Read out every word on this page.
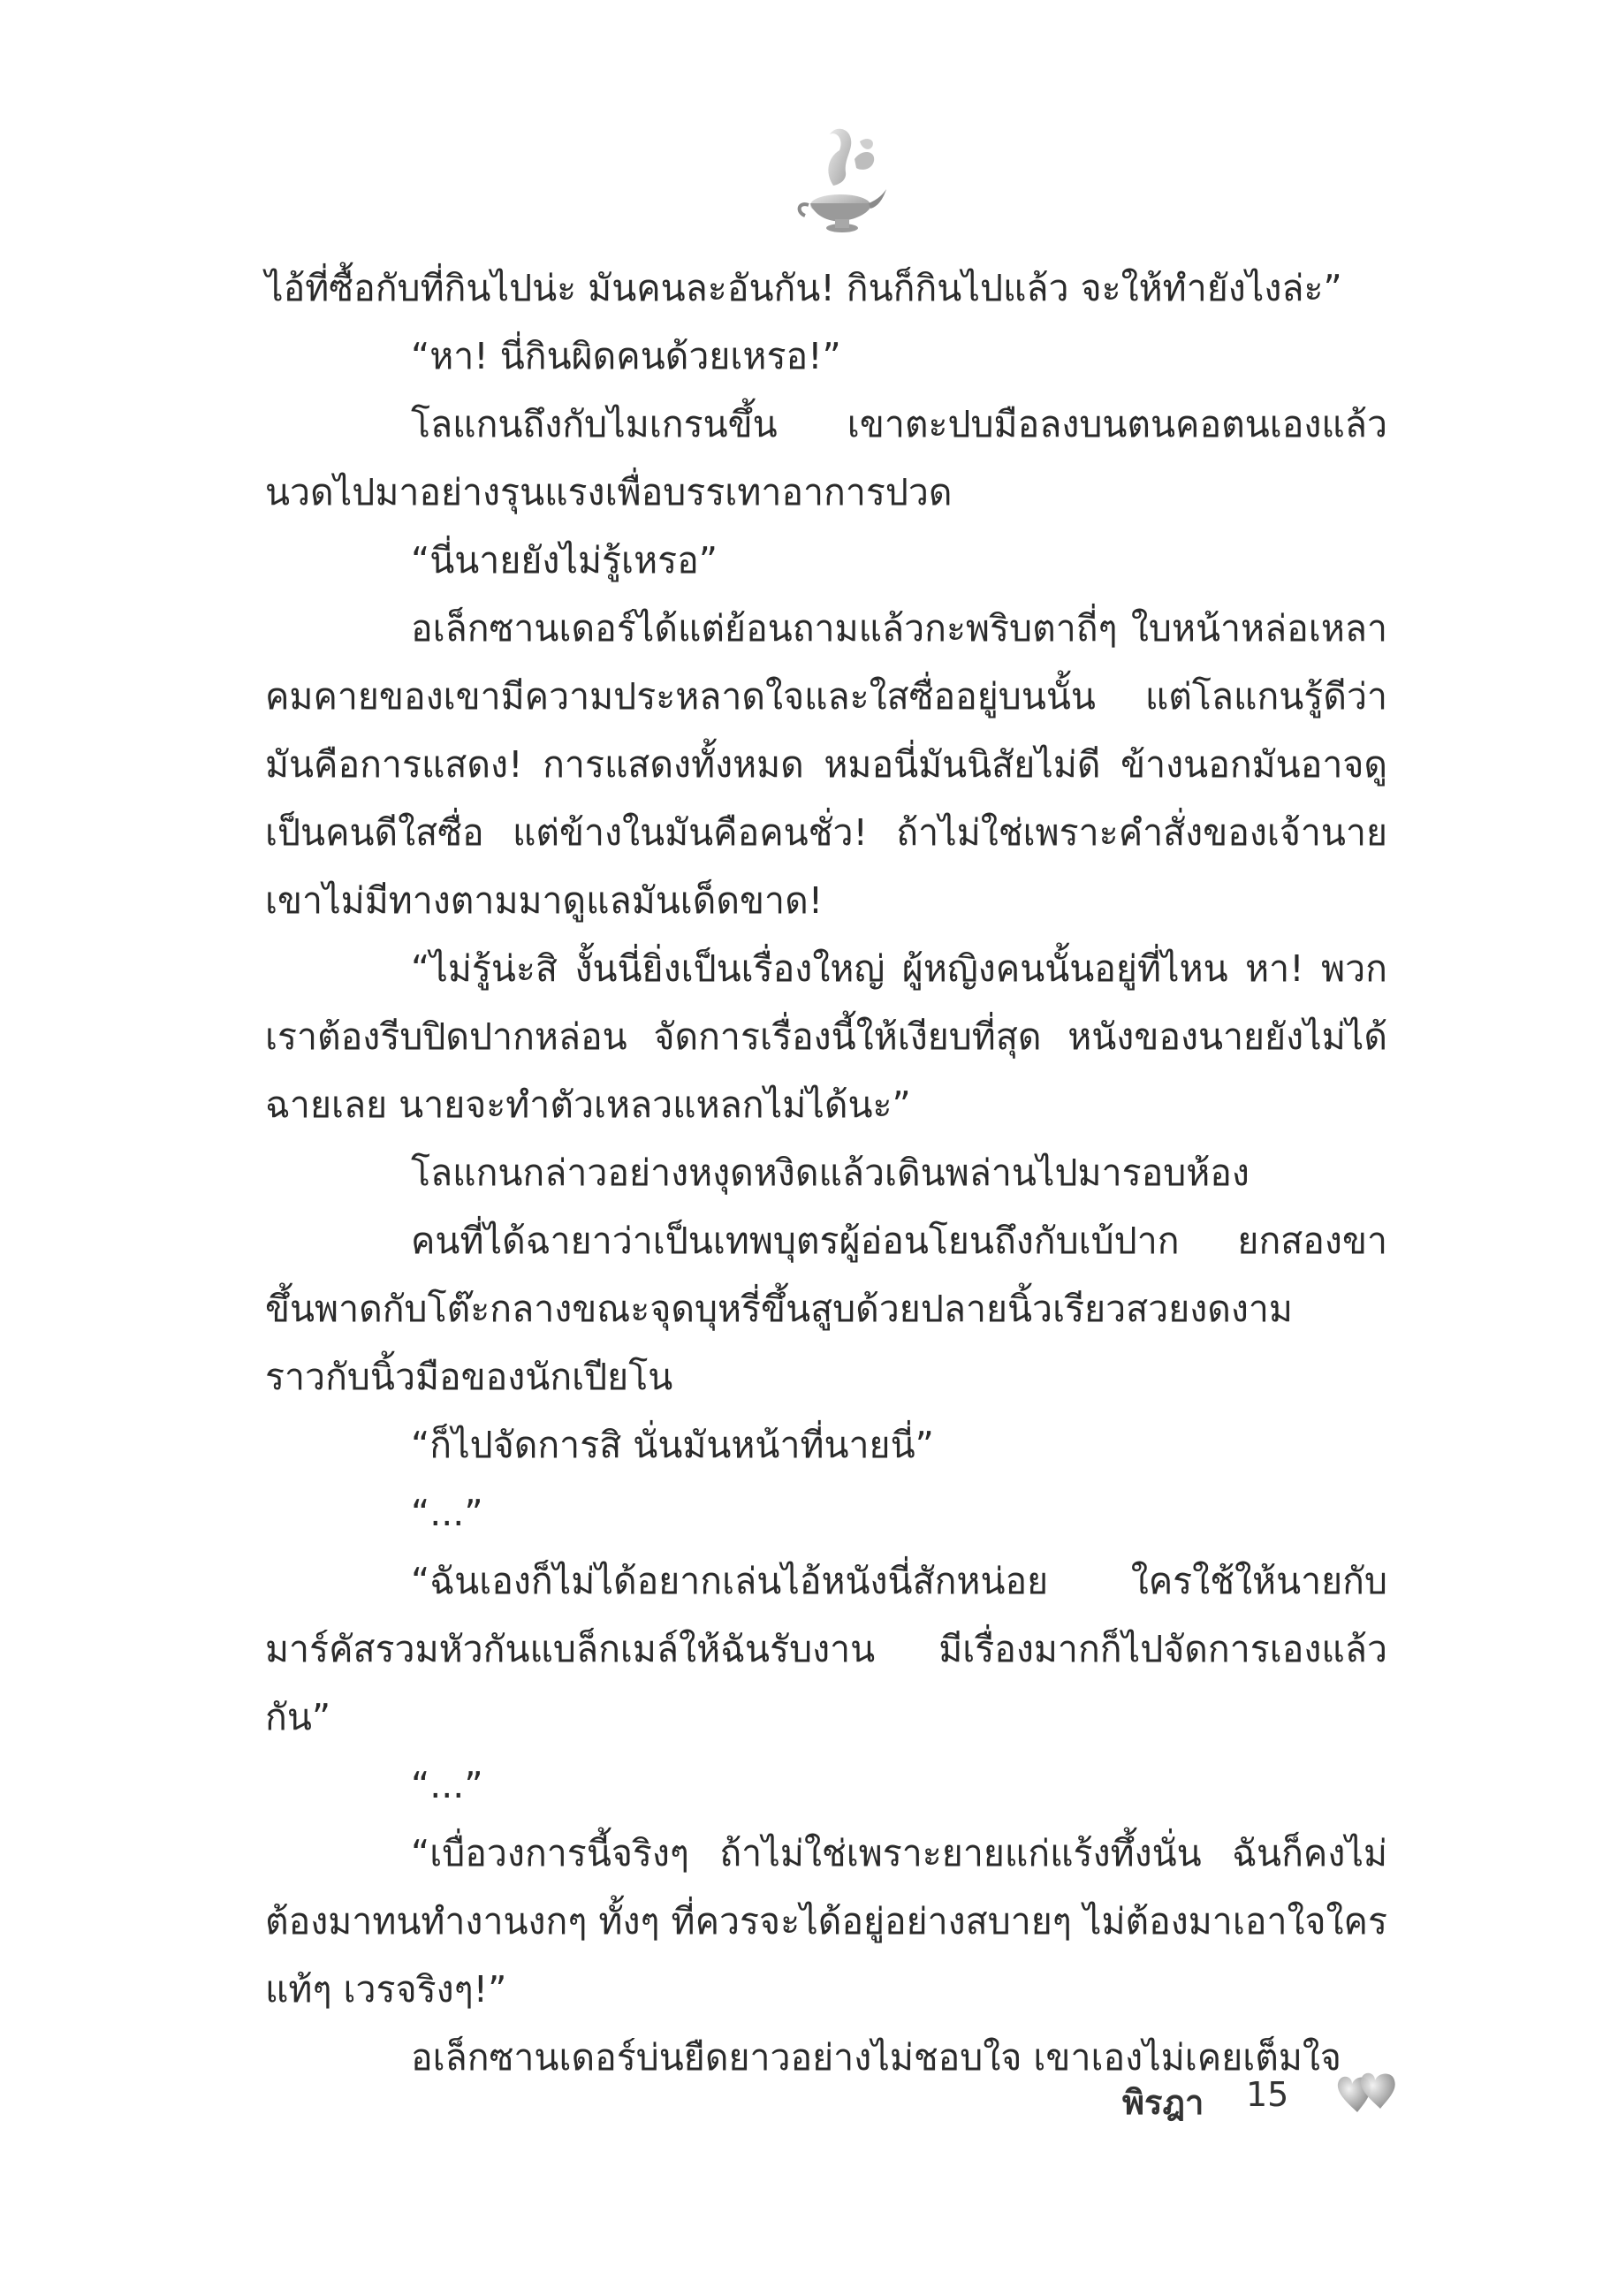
ไอ้ที่ซื้อกับที่กินไปน่ะ มันคนละอันกัน! กินก็กินไปแล้ว จะให้ทำยังไงล่ะ”

“หา! นี่กินผิดคนด้วยเหรอ!”

โลแกนถึงกับไมเกรนขึ้น เขาตะปบมือลงบนตนคอตนเองแล้วนวดไปมาอย่างรุนแรงเพื่อบรรเทาอาการปวด

“นี่นายยังไม่รู้เหรอ”

อเล็กซานเดอร์ได้แต่ย้อนถามแล้วกะพริบตาถี่ๆ ใบหน้าหล่อเหลาคมคายของเขามีความประหลาดใจและใสซื่ออยู่บนนั้น แต่โลแกนรู้ดีว่ามันคือการแสดง! การแสดงทั้งหมด หมอนี่มันนิสัยไม่ดี ข้างนอกมันอาจดูเป็นคนดีใสซื่อ แต่ข้างในมันคือคนชั่ว! ถ้าไม่ใช่เพราะคำสั่งของเจ้านายเขาไม่มีทางตามมาดูแลมันเด็ดขาด!

“ไม่รู้น่ะสิ งั้นนี่ยิ่งเป็นเรื่องใหญ่ ผู้หญิงคนนั้นอยู่ที่ไหน หา! พวกเราต้องรีบปิดปากหล่อน จัดการเรื่องนี้ให้เงียบที่สุด หนังของนายยังไม่ได้ฉายเลย นายจะทำตัวเหลวแหลกไม่ได้นะ”

โลแกนกล่าวอย่างหงุดหงิดแล้วเดินพล่านไปมารอบห้อง

คนที่ได้ฉายาว่าเป็นเทพบุตรผู้อ่อนโยนถึงกับเบ้ปาก ยกสองขาขึ้นพาดกับโต๊ะกลางขณะจุดบุหรี่ขึ้นสูบด้วยปลายนิ้วเรียวสวยงดงามราวกับนิ้วมือของนักเปียโน

“ก็ไปจัดการสิ นั่นมันหน้าที่นายนี่”

“...”

“ฉันเองก็ไม่ได้อยากเล่นไอ้หนังนี่สักหน่อย ใครใช้ให้นายกับมาร์คัสรวมหัวกันแบล็กเมล์ให้ฉันรับงาน มีเรื่องมากก็ไปจัดการเองแล้วกัน”

“...”

“เบื่อวงการนี้จริงๆ ถ้าไม่ใช่เพราะยายแก่แร้งทึ้งนั่น ฉันก็คงไม่ต้องมาทนทำงานงกๆ ทั้งๆ ที่ควรจะได้อยู่อย่างสบายๆ ไม่ต้องมาเอาใจใครแท้ๆ เวรจริงๆ!”

อเล็กซานเดอร์บ่นยืดยาวอย่างไม่ชอบใจ เขาเองไม่เคยเต็มใจ

พิรฎา 15
